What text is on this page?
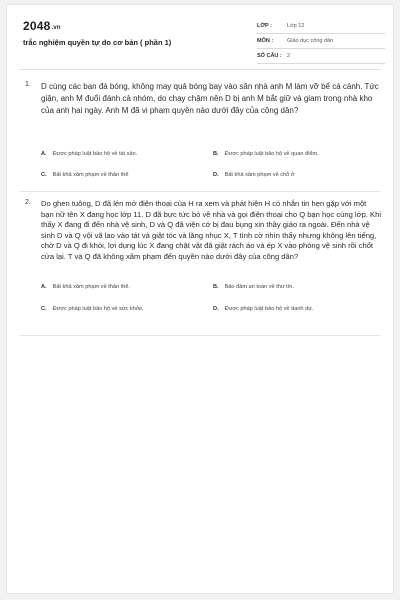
2048.vn
trắc nghiệm quyền tự do cơ bản ( phần 1)
LỚP :	Lớp 12
MÔN :	Giáo dục công dân
SỐ CÂU : 2
1. D cùng các bạn đá bóng, không may quả bóng bay vào sân nhà anh M làm vỡ bể cá cảnh. Tức giận, anh M đuổi đánh cả nhóm, do chạy chậm nên D bị anh M bắt giữ và giam trong nhà kho của anh hai ngày. Anh M đã vi phạm quyền nào dưới đây của công dân?
A. Được pháp luật bảo hộ về tài sản.	B. Được pháp luật bảo hộ về quan điểm.
C. Bất khả xâm phạm về thân thể	D. Bất khả xâm phạm về chỗ ở
2. Do ghen tuông, D đã lén mở điện thoại của H ra xem và phát hiện H có nhắn tin hẹn gặp với một bạn nữ tên X đang học lớp 11. D đã bực tức bỏ về nhà và gọi điện thoại cho Q bạn học cùng lớp. Khi thấy X đang đi đến nhà vệ sinh, D và Q đã viện cớ bị đau bụng xin thầy giáo ra ngoài. Đến nhà vệ sinh D và Q vội vã lao vào tát và giật tóc và lăng nhục X, T tình cờ nhìn thấy nhưng không lên tiếng, chờ D và Q đi khỏi, lợi dụng lúc X đang chật vật đã giật rách áo và ép X vào phòng vệ sinh rồi chốt cửa lại. T và Q đã không xâm phạm đến quyền nào dưới đây của công dân?
A. Bất khả xâm phạm về thân thể.	B. Bảo đảm an toàn về thư tín.
C. Được pháp luật bảo hộ về sức khỏe.	D. Được pháp luật bảo hộ về danh dự.
